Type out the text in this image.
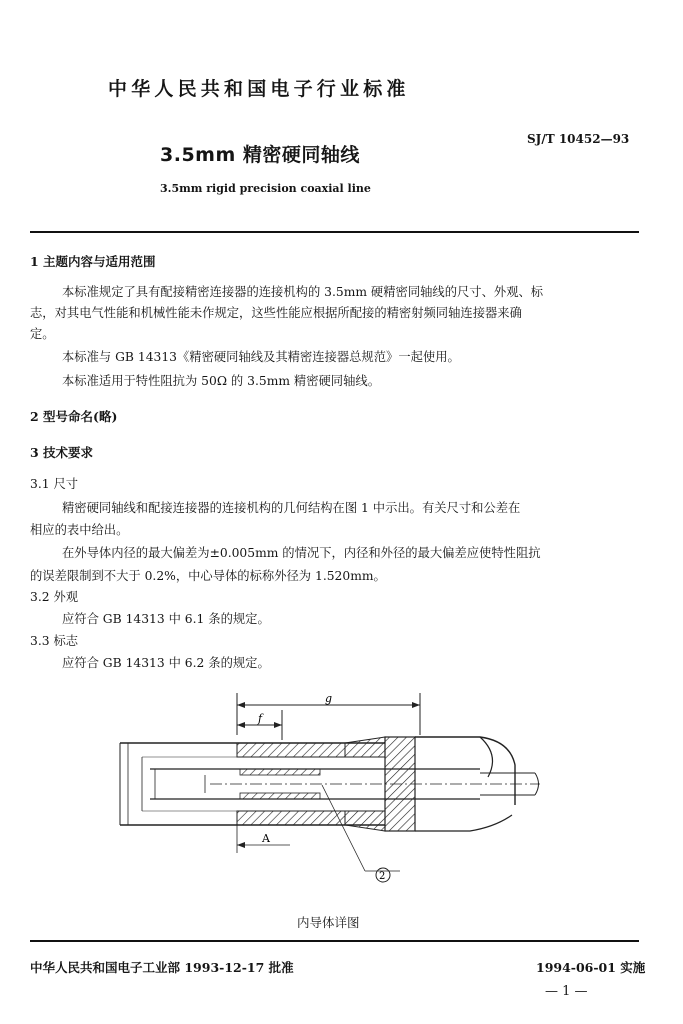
中华人民共和国电子行业标准
SJ/T 10452—93
3.5mm 精密硬同轴线
3.5mm rigid precision coaxial line
1 主题内容与适用范围
本标准规定了具有配接精密连接器的连接机构的 3.5mm 硬精密同轴线的尺寸、外观、标
志，对其电气性能和机械性能未作规定，这些性能应根据所配接的精密射频同轴连接器来确
定。
本标准与 GB 14313《精密硬同轴线及其精密连接器总规范》一起使用。
本标准适用于特性阻抗为 50Ω 的 3.5mm 精密硬同轴线。
2 型号命名(略)
3 技术要求
3.1 尺寸
精密硬同轴线和配接连接器的连接机构的几何结构在图 1 中示出。有关尺寸和公差在
相应的表中给出。
在外导体内径的最大偏差为±0.005mm 的情况下，内径和外径的最大偏差应使特性阻抗
的误差限制到不大于 0.2%，中心导体的标称外径为 1.520mm。
3.2 外观
应符合 GB 14313 中 6.1 条的规定。
3.3 标志
应符合 GB 14313 中 6.2 条的规定。
g
f
A
2
内导体详图
中华人民共和国电子工业部 1993-12-17 批准	1994-06-01 实施
— 1 —
